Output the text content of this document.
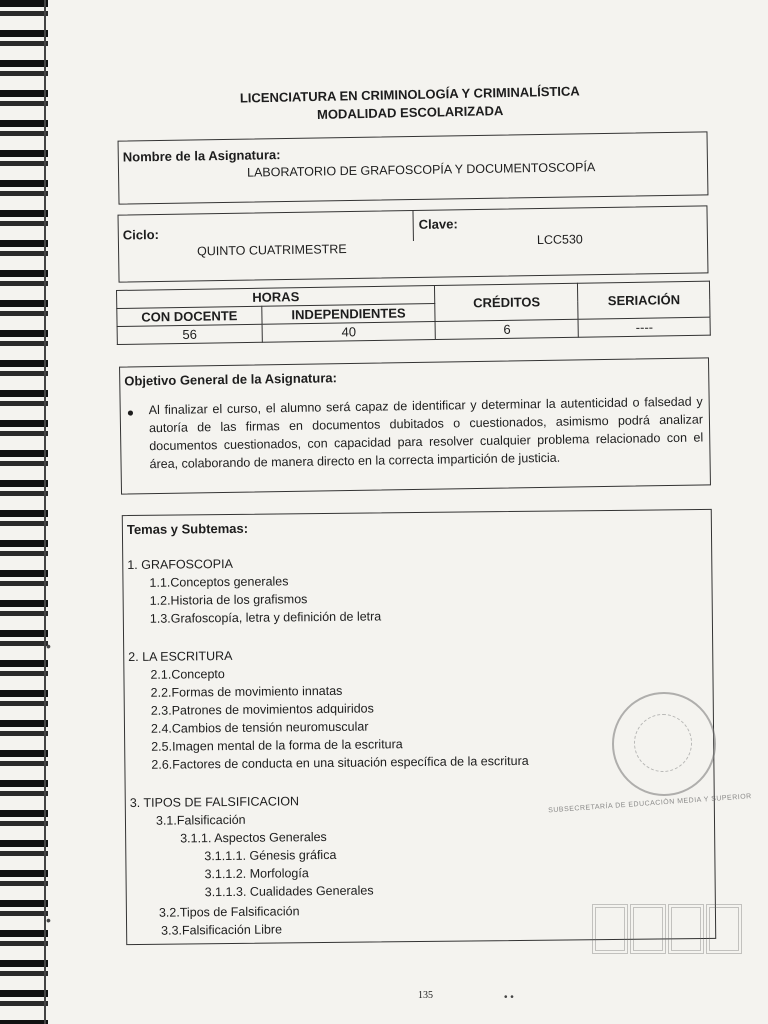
LICENCIATURA EN CRIMINOLOGÍA Y CRIMINALÍSTICA
MODALIDAD ESCOLARIZADA
Nombre de la Asignatura:
LABORATORIO DE GRAFOSCOPÍA Y DOCUMENTOSCOPÍA
Ciclo:
QUINTO CUATRIMESTRE
Clave:
LCC530
HORAS		CRÉDITOS	SERIACIÓN
CON DOCENTE	INDEPENDIENTES		
56	40	6	----
Objetivo General de la Asignatura:
● Al finalizar el curso, el alumno será capaz de identificar y determinar la autenticidad o falsedad y autoría de las firmas en documentos dubitados o cuestionados, asimismo podrá analizar documentos cuestionados, con capacidad para resolver cualquier problema relacionado con el área, colaborando de manera directo en la correcta impartición de justicia.
Temas y Subtemas:
1. GRAFOSCOPIA
1.1.Conceptos generales
1.2.Historia de los grafismos
1.3.Grafoscopía, letra y definición de letra
2. LA ESCRITURA
2.1.Concepto
2.2.Formas de movimiento innatas
2.3.Patrones de movimientos adquiridos
2.4.Cambios de tensión neuromuscular
2.5.Imagen mental de la forma de la escritura
2.6.Factores de conducta en una situación específica de la escritura
3. TIPOS DE FALSIFICACION
3.1.Falsificación
3.1.1. Aspectos Generales
3.1.1.1. Génesis gráfica
3.1.1.2. Morfología
3.1.1.3. Cualidades Generales
3.2.Tipos de Falsificación
3.3.Falsificación Libre
SUBSECRETARÍA DE EDUCACIÓN MEDIA Y SUPERIOR
•
•
• •
135
